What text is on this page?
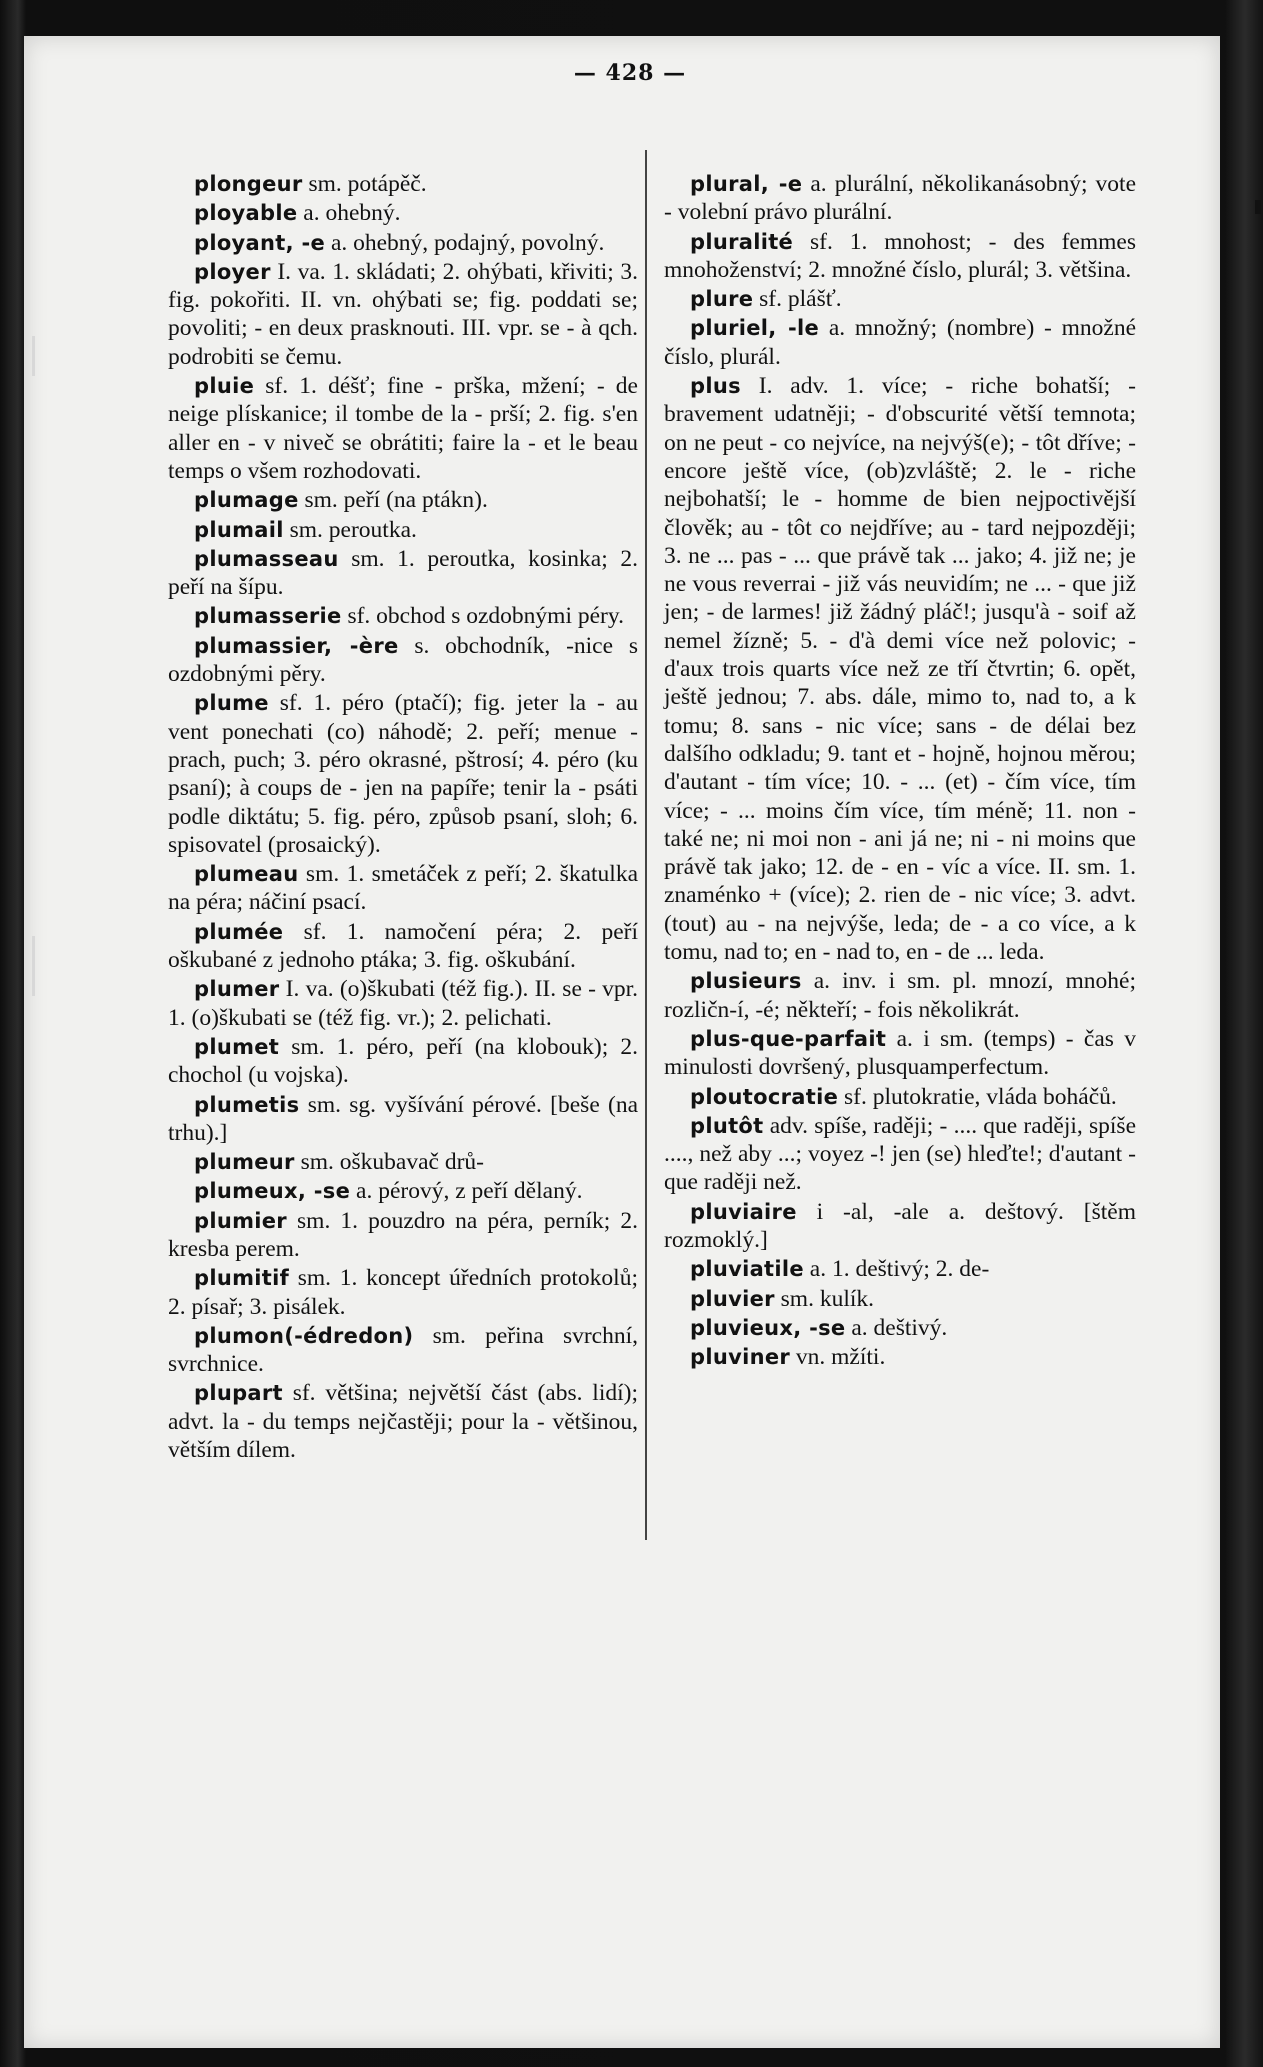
— 428 —

plongeur sm. potápěč.

ployable a. ohebný.

ployant, -e a. ohebný, podajný, povolný.

ployer I. va. 1. skládati; 2. ohýbati, křiviti; 3. fig. pokořiti. II. vn. ohýbati se; fig. poddati se; povoliti; - en deux prasknouti. III. vpr. se - à qch. podrobiti se čemu.

pluie sf. 1. déšť; fine - prška, mžení; - de neige plískanice; il tombe de la - prší; 2. fig. s'en aller en - v niveč se obrátiti; faire la - et le beau temps o všem rozhodovati.

plumage sm. peří (na ptákn).

plumail sm. peroutka.

plumasseau sm. 1. peroutka, kosinka; 2. peří na šípu.

plumasserie sf. obchod s ozdobnými péry.

plumassier, -ère s. obchodník, -nice s ozdobnými pěry.

plume sf. 1. péro (ptačí); fig. jeter la - au vent ponechati (co) náhodě; 2. peří; menue - prach, puch; 3. péro okrasné, pštrosí; 4. péro (ku psaní); à coups de - jen na papíře; tenir la - psáti podle diktátu; 5. fig. péro, způsob psaní, sloh; 6. spisovatel (prosaický).

plumeau sm. 1. smetáček z peří; 2. škatulka na péra; náčiní psací.

plumée sf. 1. namočení péra; 2. peří oškubané z jednoho ptáka; 3. fig. oškubání.

plumer I. va. (o)škubati (též fig.). II. se - vpr. 1. (o)škubati se (též fig. vr.); 2. pelichati.

plumet sm. 1. péro, peří (na klobouk); 2. chochol (u vojska).

plumetis sm. sg. vyšívání pérové. [beše (na trhu).]

plumeur sm. oškubavač drů-

plumeux, -se a. pérový, z peří dělaný.

plumier sm. 1. pouzdro na péra, perník; 2. kresba perem.

plumitif sm. 1. koncept úředních protokolů; 2. písař; 3. pisálek.

plumon(-édredon) sm. peřina svrchní, svrchnice.

plupart sf. většina; největší část (abs. lidí); advt. la - du temps nejčastěji; pour la - většinou, větším dílem.

plural, -e a. plurální, několikanásobný; vote - volební právo plurální.

pluralité sf. 1. mnohost; - des femmes mnohoženství; 2. množné číslo, plurál; 3. většina.

plure sf. plášť.

pluriel, -le a. množný; (nombre) - množné číslo, plurál.

plus I. adv. 1. více; - riche bohatší; - bravement udatněji; - d'obscurité větší temnota; on ne peut - co nejvíce, na nejvýš(e); - tôt dříve; - encore ještě více, (ob)zvláště; 2. le - riche nejbohatší; le - homme de bien nejpoctivější člověk; au - tôt co nejdříve; au - tard nejpozději; 3. ne ... pas - ... que právě tak ... jako; 4. již ne; je ne vous reverrai - již vás neuvidím; ne ... - que již jen; - de larmes! již žádný pláč!; jusqu'à - soif až nemel žízně; 5. - d'à demi více než polovic; - d'aux trois quarts více než ze tří čtvrtin; 6. opět, ještě jednou; 7. abs. dále, mimo to, nad to, a k tomu; 8. sans - nic více; sans - de délai bez dalšího odkladu; 9. tant et - hojně, hojnou měrou; d'autant - tím více; 10. - ... (et) - čím více, tím více; - ... moins čím více, tím méně; 11. non - také ne; ni moi non - ani já ne; ni - ni moins que právě tak jako; 12. de - en - víc a více. II. sm. 1. znaménko + (více); 2. rien de - nic více; 3. advt. (tout) au - na nejvýše, leda; de - a co více, a k tomu, nad to; en - nad to, en - de ... leda.

plusieurs a. inv. i sm. pl. mnozí, mnohé; rozličn-í, -é; někteří; - fois několikrát.

plus-que-parfait a. i sm. (temps) - čas v minulosti dovršený, plusquamperfectum.

ploutocratie sf. plutokratie, vláda boháčů.

plutôt adv. spíše, raději; - .... que raději, spíše ...., než aby ...; voyez -! jen (se) hleďte!; d'autant - que raději než.

pluviaire i -al, -ale a. deštový. [štěm rozmoklý.]

pluviatile a. 1. deštivý; 2. de-

pluvier sm. kulík.

pluvieux, -se a. deštivý.

pluviner vn. mžíti.
